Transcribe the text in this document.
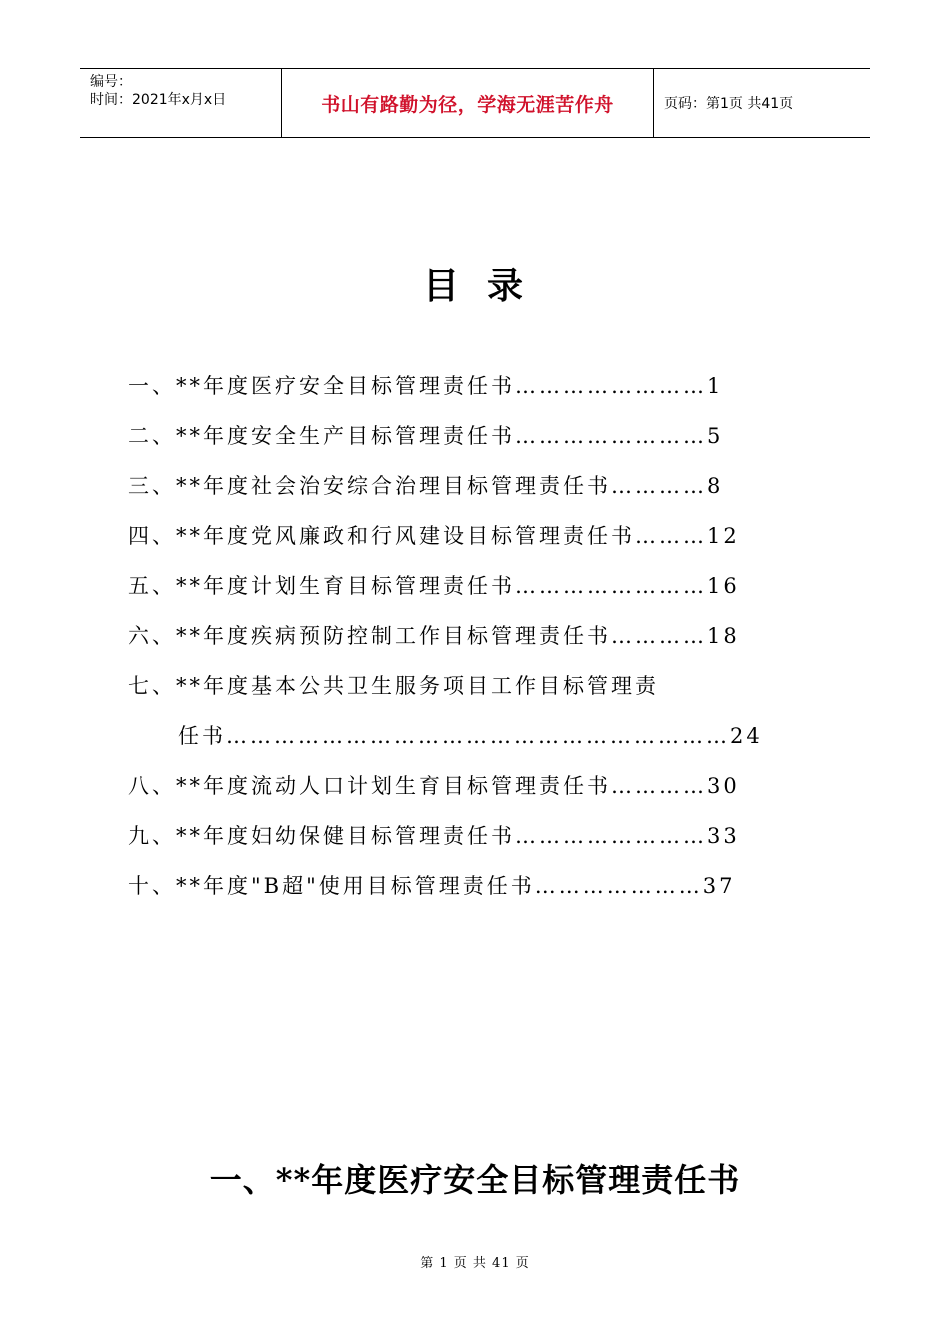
编号：
时间：2021年x月x日	书山有路勤为径，学海无涯苦作舟	页码：第1页 共41页
目 录
一、**年度医疗安全目标管理责任书……………………1
二、**年度安全生产目标管理责任书……………………5
三、**年度社会治安综合治理目标管理责任书…………8
四、**年度党风廉政和行风建设目标管理责任书………12
五、**年度计划生育目标管理责任书……………………16
六、**年度疾病预防控制工作目标管理责任书…………18
七、**年度基本公共卫生服务项目工作目标管理责
任书………………………………………………………24
八、**年度流动人口计划生育目标管理责任书…………30
九、**年度妇幼保健目标管理责任书……………………33
十、**年度"B超"使用目标管理责任书…………………37
一、**年度医疗安全目标管理责任书
第 1 页 共 41 页
